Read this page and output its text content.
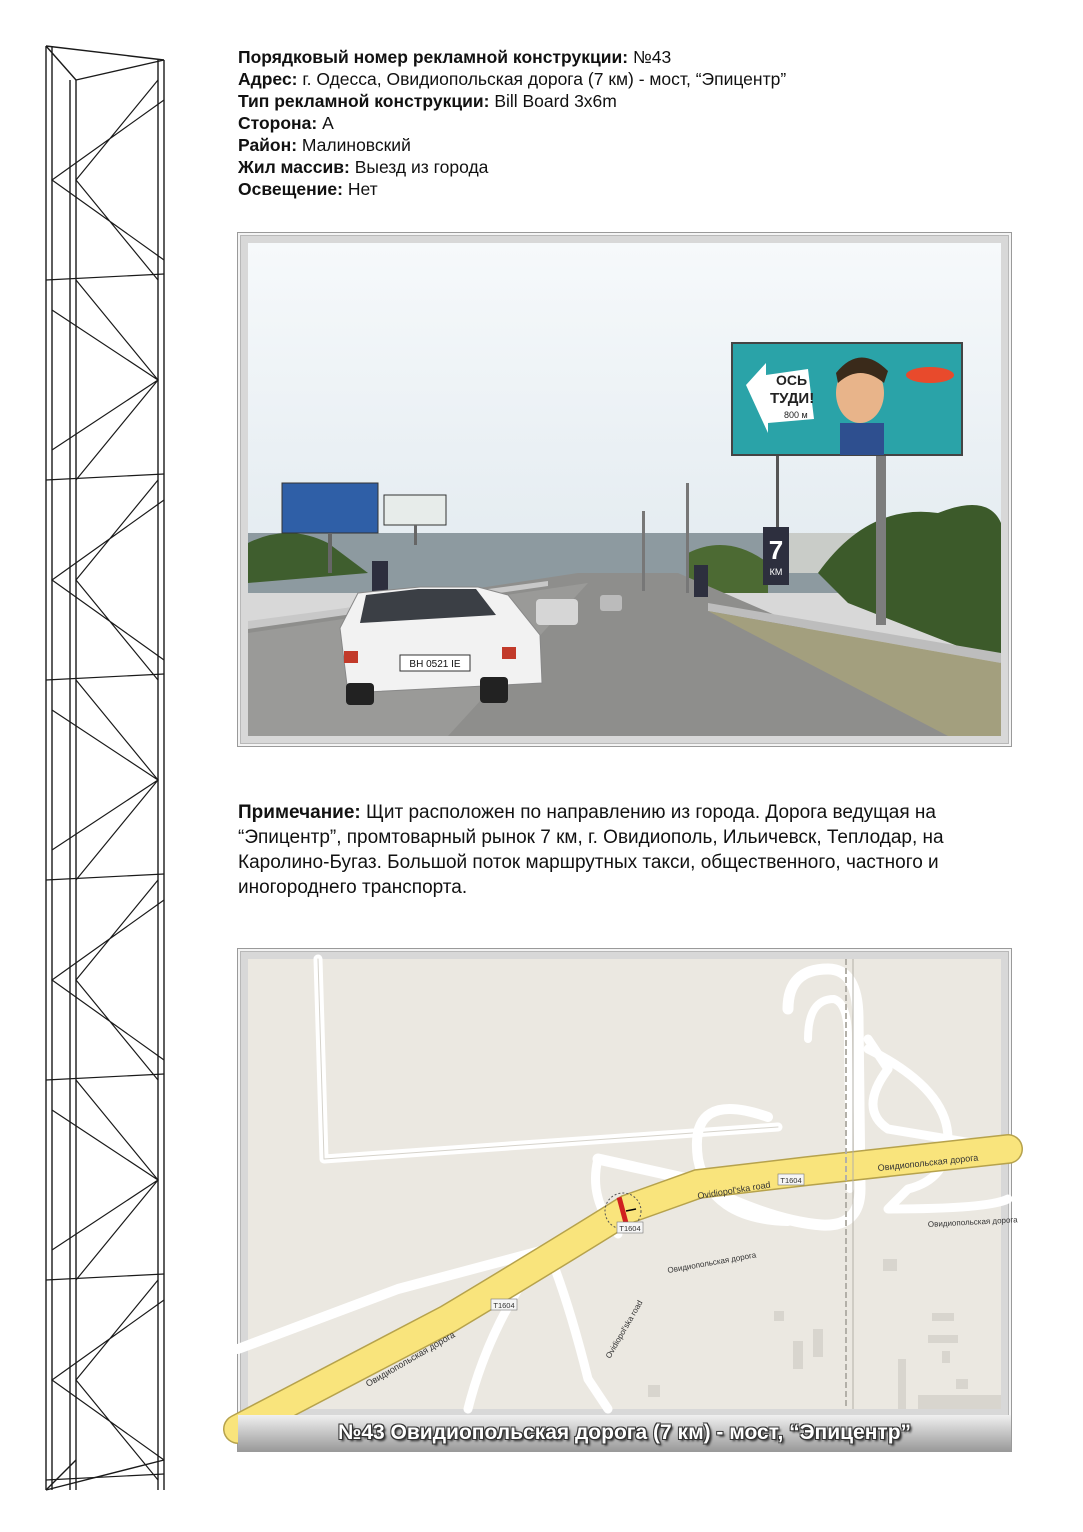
Порядковый номер рекламной конструкции: №43
Адрес: г. Одесса, Овидиопольская дорога (7 км) - мост, “Эпицентр”
Тип рекламной конструкции: Bill Board 3x6m
Сторона: А
Район: Малиновский
Жил массив: Выезд из города
Освещение: Нет
ОСЬ
ТУДИ!
800 м
7
КМ
ВН 0521 ІЕ
Примечание: Щит расположен по направлению из города. Дорога ведущая на “Эпицентр”, промтоварный рынок 7 км, г. Овидиополь, Ильичевск, Теплодар, на Каролино-Бугаз. Большой поток маршрутных такси, общественного, частного и иногороднего транспорта.
T1604
T1604
T1604
Овидиопольская дорога
Ovidiopol'ska road
Овидиопольская дорога
Овидиопольская дорога
Овидиопольская дорога
Ovidiopol'ska road
№43 Овидиопольская дорога (7 км) - мост, “Эпицентр”
